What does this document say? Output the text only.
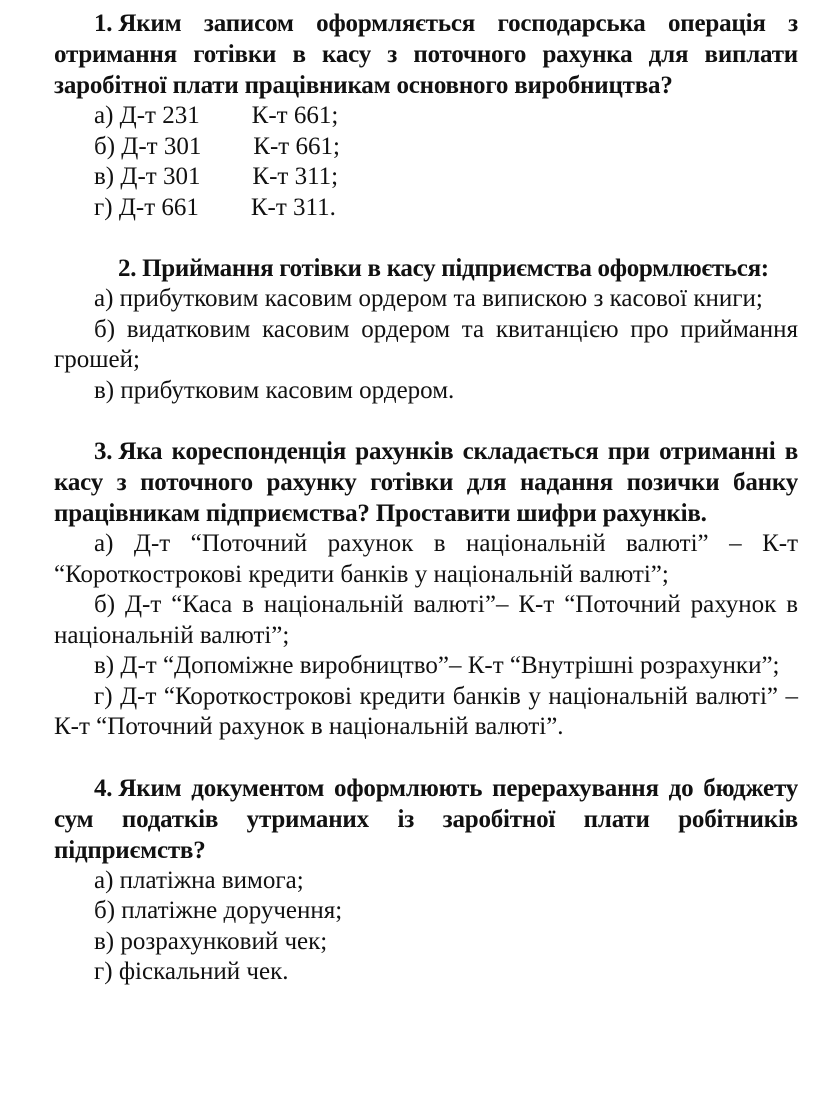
1. Яким записом оформляється господарська операція з отримання готівки в касу з поточного рахунка для виплати заробітної плати працівникам основного виробництва?

а) Д-т 231 К-т 661;

б) Д-т 301 К-т 661;

в) Д-т 301 К-т 311;

г) Д-т 661 К-т 311.

2. Приймання готівки в касу підприємства оформлюється:

а) прибутковим касовим ордером та випискою з касової книги;

б) видатковим касовим ордером та квитанцією про приймання грошей;

в) прибутковим касовим ордером.

3. Яка кореспонденція рахунків складається при отриманні в касу з поточного рахунку готівки для надання позички банку працівникам підприємства? Проставити шифри рахунків.

а) Д-т “Поточний рахунок в національній валюті” – К-т “Короткострокові кредити банків у національній валюті”;

б) Д-т “Каса в національній валюті”– К-т “Поточний рахунок в національній валюті”;

в) Д-т “Допоміжне виробництво”– К-т “Внутрішні розрахунки”;

г) Д-т “Короткострокові кредити банків у національній валюті” – К-т “Поточний рахунок в національній валюті”.

4. Яким документом оформлюють перерахування до бюджету сум податків утриманих із заробітної плати робітників підприємств?

а) платіжна вимога;

б) платіжне доручення;

в) розрахунковий чек;

г) фіскальний чек.
